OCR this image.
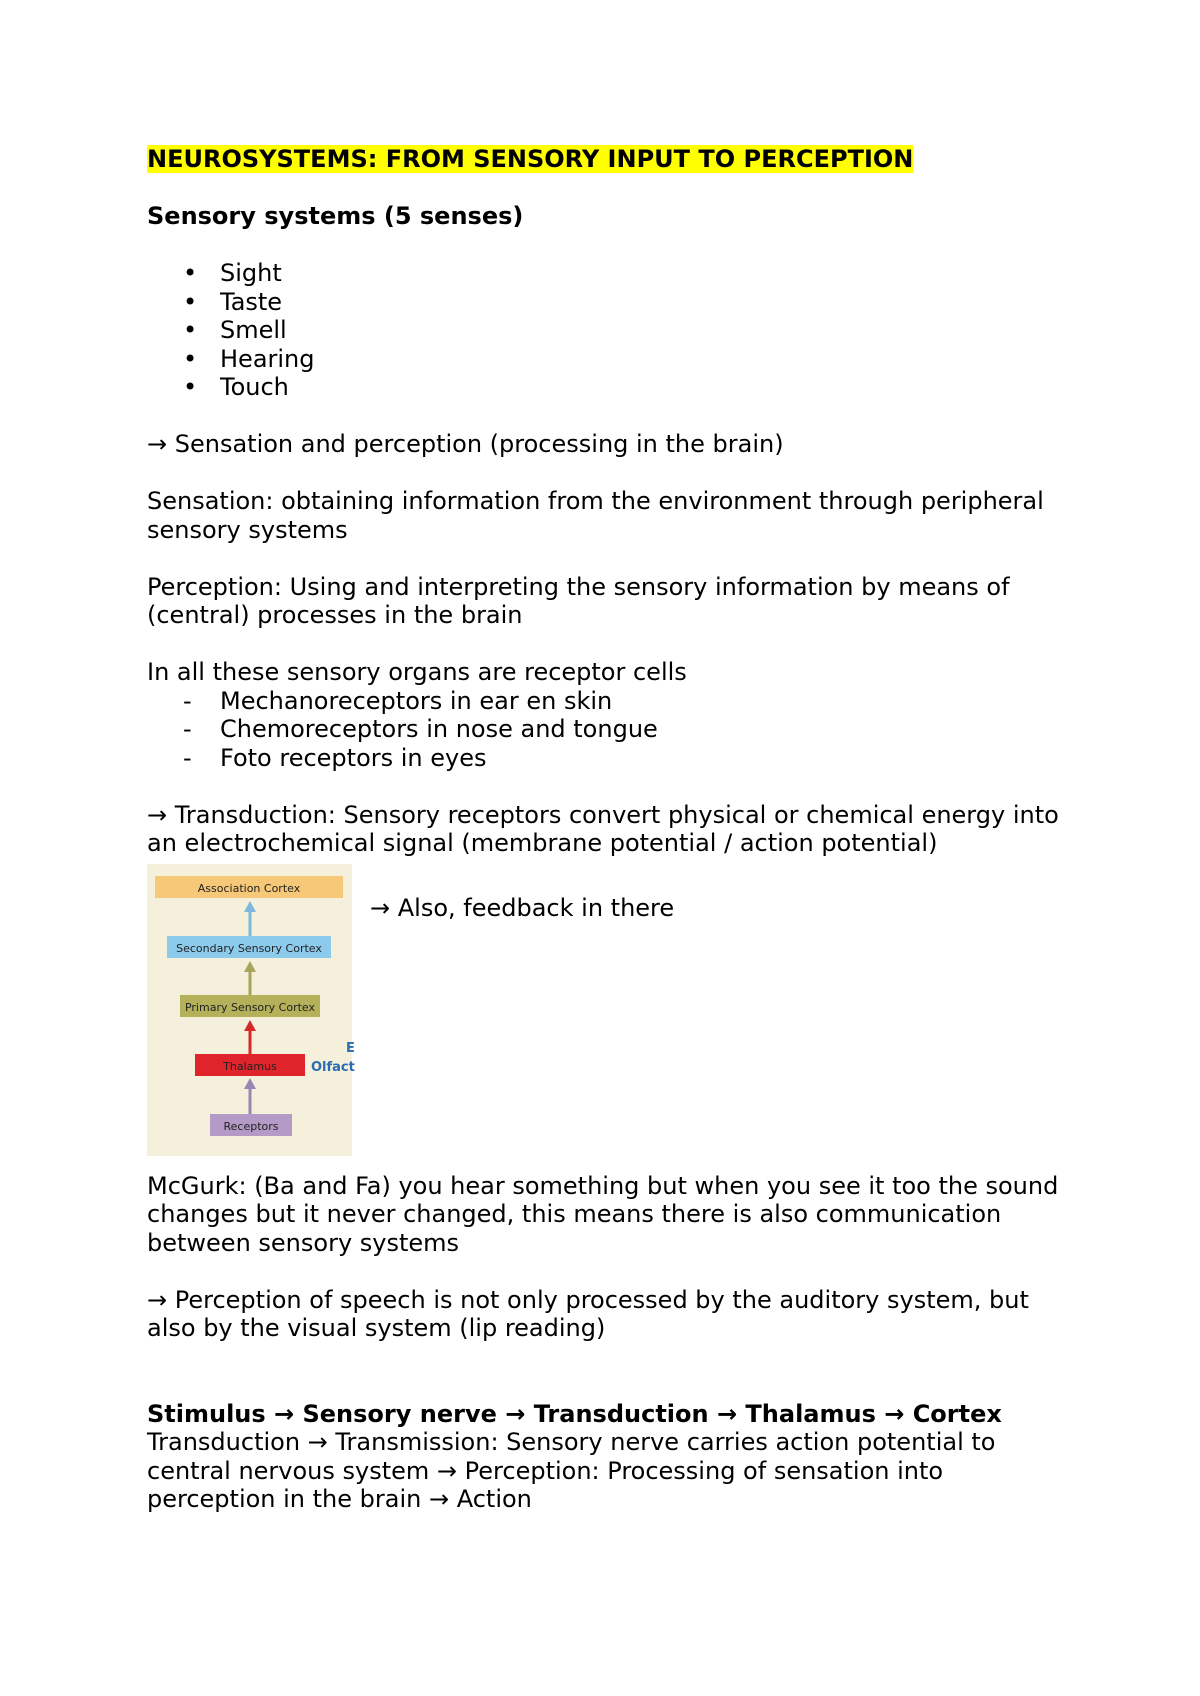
NEUROSYSTEMS: FROM SENSORY INPUT TO PERCEPTION

Sensory systems (5 senses)

• Sight
• Taste
• Smell
• Hearing
• Touch

→ Sensation and perception (processing in the brain)

Sensation: obtaining information from the environment through peripheral sensory systems

Perception: Using and interpreting the sensory information by means of (central) processes in the brain

In all these sensory organs are receptor cells

- Mechanoreceptors in ear en skin
- Chemoreceptors in nose and tongue
- Foto receptors in eyes

→ Transduction: Sensory receptors convert physical or chemical energy into an electrochemical signal (membrane potential / action potential)

Association Cortex
Secondary Sensory Cortex
Primary Sensory Cortex
Thalamus
Receptors
E
Olfact

→ Also, feedback in there

McGurk: (Ba and Fa) you hear something but when you see it too the sound changes but it never changed, this means there is also communication between sensory systems

→ Perception of speech is not only processed by the auditory system, but also by the visual system (lip reading)

Stimulus → Sensory nerve → Transduction → Thalamus → Cortex

Transduction → Transmission: Sensory nerve carries action potential to central nervous system → Perception: Processing of sensation into perception in the brain → Action
